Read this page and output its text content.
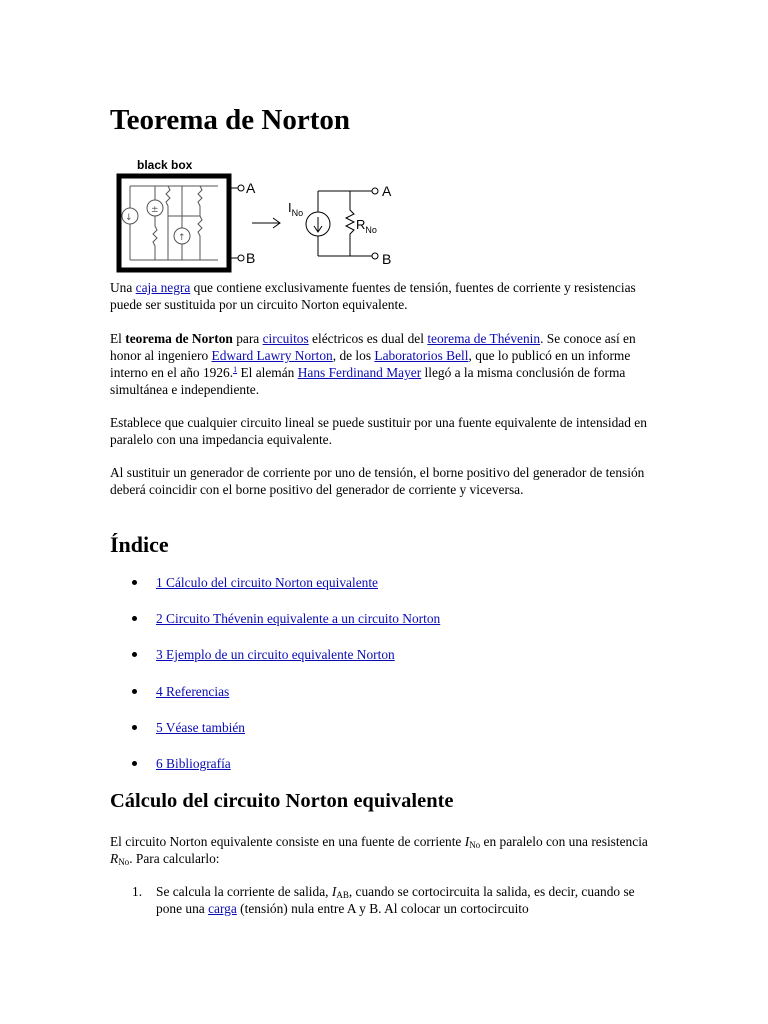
Teorema de Norton
black box
↓
±
↑
A
B
$I_{No}$
$R_{No}$
A
B

Una caja negra que contiene exclusivamente fuentes de tensión, fuentes de corriente y resistencias puede ser sustituida por un circuito Norton equivalente.

El teorema de Norton para circuitos eléctricos es dual del teorema de Thévenin. Se conoce así en honor al ingeniero Edward Lawry Norton, de los Laboratorios Bell, que lo publicó en un informe interno en el año 1926.$^1$ El alemán Hans Ferdinand Mayer llegó a la misma conclusión de forma simultánea e independiente.

Establece que cualquier circuito lineal se puede sustituir por una fuente equivalente de intensidad en paralelo con una impedancia equivalente.

Al sustituir un generador de corriente por uno de tensión, el borne positivo del generador de tensión deberá coincidir con el borne positivo del generador de corriente y viceversa.

Índice
1 Cálculo del circuito Norton equivalente
2 Circuito Thévenin equivalente a un circuito Norton
3 Ejemplo de un circuito equivalente Norton
4 Referencias
5 Véase también
6 Bibliografía
Cálculo del circuito Norton equivalente

El circuito Norton equivalente consiste en una fuente de corriente $I_{No}$ en paralelo con una resistencia $R_{No}$. Para calcularlo:

1. Se calcula la corriente de salida, $I_{AB}$, cuando se cortocircuita la salida, es decir, cuando se pone una carga (tensión) nula entre A y B. Al colocar un cortocircuito
